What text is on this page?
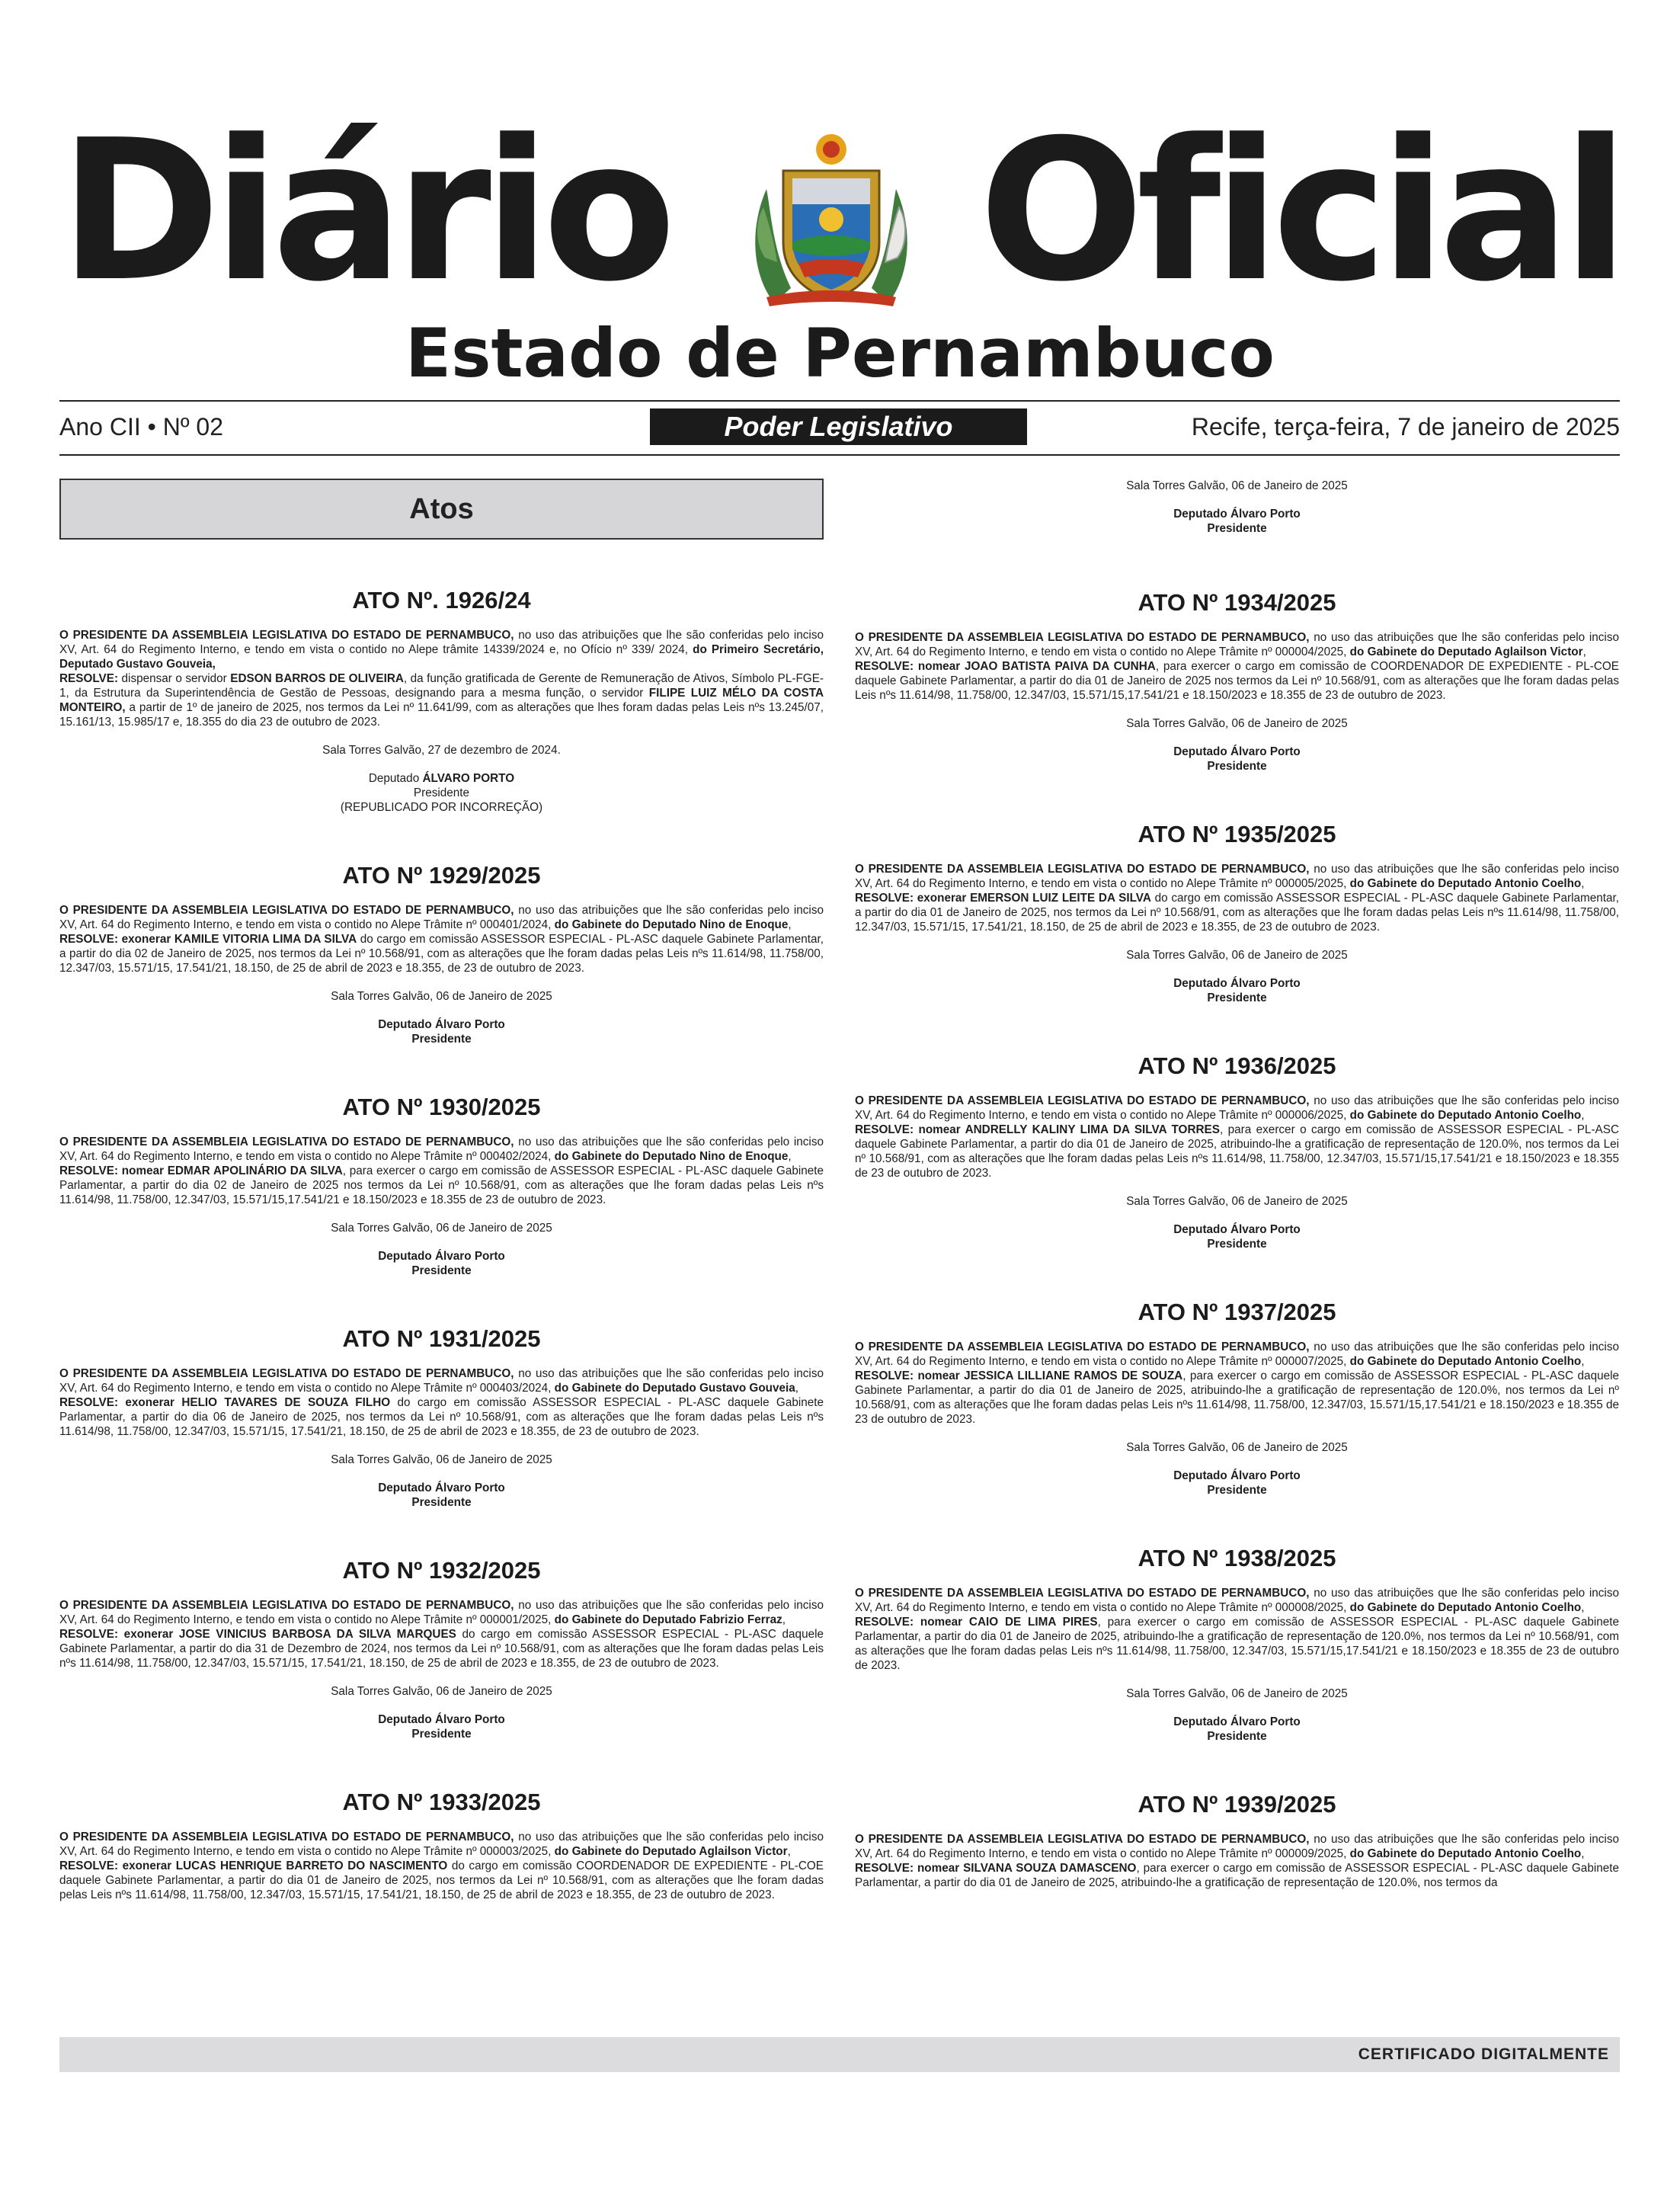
Diário Oficial
Estado de Pernambuco
Ano CII • Nº 02	Poder Legislativo	Recife, terça-feira, 7 de janeiro de 2025
Atos
ATO Nº. 1926/24

O PRESIDENTE DA ASSEMBLEIA LEGISLATIVA DO ESTADO DE PERNAMBUCO, no uso das atribuições que lhe são conferidas pelo inciso XV, Art. 64 do Regimento Interno, e tendo em vista o contido no Alepe trâmite 14339/2024 e, no Ofício nº 339/ 2024, do Primeiro Secretário, Deputado Gustavo Gouveia,
RESOLVE: dispensar o servidor EDSON BARROS DE OLIVEIRA, da função gratificada de Gerente de Remuneração de Ativos, Símbolo PL-FGE-1, da Estrutura da Superintendência de Gestão de Pessoas, designando para a mesma função, o servidor FILIPE LUIZ MÉLO DA COSTA MONTEIRO, a partir de 1º de janeiro de 2025, nos termos da Lei nº 11.641/99, com as alterações que lhes foram dadas pelas Leis nºs 13.245/07, 15.161/13, 15.985/17 e, 18.355 do dia 23 de outubro de 2023.

Sala Torres Galvão, 27 de dezembro de 2024.
Deputado ÁLVARO PORTO
Presidente
(REPUBLICADO POR INCORREÇÃO)
ATO Nº 1929/2025

O PRESIDENTE DA ASSEMBLEIA LEGISLATIVA DO ESTADO DE PERNAMBUCO, no uso das atribuições que lhe são conferidas pelo inciso XV, Art. 64 do Regimento Interno, e tendo em vista o contido no Alepe Trâmite nº 000401/2024, do Gabinete do Deputado Nino de Enoque,
RESOLVE: exonerar KAMILE VITORIA LIMA DA SILVA do cargo em comissão ASSESSOR ESPECIAL - PL-ASC daquele Gabinete Parlamentar, a partir do dia 02 de Janeiro de 2025, nos termos da Lei nº 10.568/91, com as alterações que lhe foram dadas pelas Leis nºs 11.614/98, 11.758/00, 12.347/03, 15.571/15, 17.541/21, 18.150, de 25 de abril de 2023 e 18.355, de 23 de outubro de 2023.

Sala Torres Galvão, 06 de Janeiro de 2025
Deputado Álvaro Porto
Presidente
ATO Nº 1930/2025

O PRESIDENTE DA ASSEMBLEIA LEGISLATIVA DO ESTADO DE PERNAMBUCO, no uso das atribuições que lhe são conferidas pelo inciso XV, Art. 64 do Regimento Interno, e tendo em vista o contido no Alepe Trâmite nº 000402/2024, do Gabinete do Deputado Nino de Enoque,
RESOLVE: nomear EDMAR APOLINÁRIO DA SILVA, para exercer o cargo em comissão de ASSESSOR ESPECIAL - PL-ASC daquele Gabinete Parlamentar, a partir do dia 02 de Janeiro de 2025 nos termos da Lei nº 10.568/91, com as alterações que lhe foram dadas pelas Leis nºs 11.614/98, 11.758/00, 12.347/03, 15.571/15,17.541/21 e 18.150/2023 e 18.355 de 23 de outubro de 2023.

Sala Torres Galvão, 06 de Janeiro de 2025
Deputado Álvaro Porto
Presidente
ATO Nº 1931/2025

O PRESIDENTE DA ASSEMBLEIA LEGISLATIVA DO ESTADO DE PERNAMBUCO, no uso das atribuições que lhe são conferidas pelo inciso XV, Art. 64 do Regimento Interno, e tendo em vista o contido no Alepe Trâmite nº 000403/2024, do Gabinete do Deputado Gustavo Gouveia,
RESOLVE: exonerar HELIO TAVARES DE SOUZA FILHO do cargo em comissão ASSESSOR ESPECIAL - PL-ASC daquele Gabinete Parlamentar, a partir do dia 06 de Janeiro de 2025, nos termos da Lei nº 10.568/91, com as alterações que lhe foram dadas pelas Leis nºs 11.614/98, 11.758/00, 12.347/03, 15.571/15, 17.541/21, 18.150, de 25 de abril de 2023 e 18.355, de 23 de outubro de 2023.

Sala Torres Galvão, 06 de Janeiro de 2025
Deputado Álvaro Porto
Presidente
ATO Nº 1932/2025

O PRESIDENTE DA ASSEMBLEIA LEGISLATIVA DO ESTADO DE PERNAMBUCO, no uso das atribuições que lhe são conferidas pelo inciso XV, Art. 64 do Regimento Interno, e tendo em vista o contido no Alepe Trâmite nº 000001/2025, do Gabinete do Deputado Fabrizio Ferraz,
RESOLVE: exonerar JOSE VINICIUS BARBOSA DA SILVA MARQUES do cargo em comissão ASSESSOR ESPECIAL - PL-ASC daquele Gabinete Parlamentar, a partir do dia 31 de Dezembro de 2024, nos termos da Lei nº 10.568/91, com as alterações que lhe foram dadas pelas Leis nºs 11.614/98, 11.758/00, 12.347/03, 15.571/15, 17.541/21, 18.150, de 25 de abril de 2023 e 18.355, de 23 de outubro de 2023.

Sala Torres Galvão, 06 de Janeiro de 2025
Deputado Álvaro Porto
Presidente
ATO Nº 1933/2025

O PRESIDENTE DA ASSEMBLEIA LEGISLATIVA DO ESTADO DE PERNAMBUCO, no uso das atribuições que lhe são conferidas pelo inciso XV, Art. 64 do Regimento Interno, e tendo em vista o contido no Alepe Trâmite nº 000003/2025, do Gabinete do Deputado Aglailson Victor,
RESOLVE: exonerar LUCAS HENRIQUE BARRETO DO NASCIMENTO do cargo em comissão COORDENADOR DE EXPEDIENTE - PL-COE daquele Gabinete Parlamentar, a partir do dia 01 de Janeiro de 2025, nos termos da Lei nº 10.568/91, com as alterações que lhe foram dadas pelas Leis nºs 11.614/98, 11.758/00, 12.347/03, 15.571/15, 17.541/21, 18.150, de 25 de abril de 2023 e 18.355, de 23 de outubro de 2023.

Sala Torres Galvão, 06 de Janeiro de 2025
Deputado Álvaro Porto
Presidente
ATO Nº 1934/2025

O PRESIDENTE DA ASSEMBLEIA LEGISLATIVA DO ESTADO DE PERNAMBUCO, no uso das atribuições que lhe são conferidas pelo inciso XV, Art. 64 do Regimento Interno, e tendo em vista o contido no Alepe Trâmite nº 000004/2025, do Gabinete do Deputado Aglailson Victor,
RESOLVE: nomear JOAO BATISTA PAIVA DA CUNHA, para exercer o cargo em comissão de COORDENADOR DE EXPEDIENTE - PL-COE daquele Gabinete Parlamentar, a partir do dia 01 de Janeiro de 2025 nos termos da Lei nº 10.568/91, com as alterações que lhe foram dadas pelas Leis nºs 11.614/98, 11.758/00, 12.347/03, 15.571/15,17.541/21 e 18.150/2023 e 18.355 de 23 de outubro de 2023.

Sala Torres Galvão, 06 de Janeiro de 2025
Deputado Álvaro Porto
Presidente
ATO Nº 1935/2025

O PRESIDENTE DA ASSEMBLEIA LEGISLATIVA DO ESTADO DE PERNAMBUCO, no uso das atribuições que lhe são conferidas pelo inciso XV, Art. 64 do Regimento Interno, e tendo em vista o contido no Alepe Trâmite nº 000005/2025, do Gabinete do Deputado Antonio Coelho,
RESOLVE: exonerar EMERSON LUIZ LEITE DA SILVA do cargo em comissão ASSESSOR ESPECIAL - PL-ASC daquele Gabinete Parlamentar, a partir do dia 01 de Janeiro de 2025, nos termos da Lei nº 10.568/91, com as alterações que lhe foram dadas pelas Leis nºs 11.614/98, 11.758/00, 12.347/03, 15.571/15, 17.541/21, 18.150, de 25 de abril de 2023 e 18.355, de 23 de outubro de 2023.

Sala Torres Galvão, 06 de Janeiro de 2025
Deputado Álvaro Porto
Presidente
ATO Nº 1936/2025

O PRESIDENTE DA ASSEMBLEIA LEGISLATIVA DO ESTADO DE PERNAMBUCO, no uso das atribuições que lhe são conferidas pelo inciso XV, Art. 64 do Regimento Interno, e tendo em vista o contido no Alepe Trâmite nº 000006/2025, do Gabinete do Deputado Antonio Coelho,
RESOLVE: nomear ANDRELLY KALINY LIMA DA SILVA TORRES, para exercer o cargo em comissão de ASSESSOR ESPECIAL - PL-ASC daquele Gabinete Parlamentar, a partir do dia 01 de Janeiro de 2025, atribuindo-lhe a gratificação de representação de 120.0%, nos termos da Lei nº 10.568/91, com as alterações que lhe foram dadas pelas Leis nºs 11.614/98, 11.758/00, 12.347/03, 15.571/15,17.541/21 e 18.150/2023 e 18.355 de 23 de outubro de 2023.

Sala Torres Galvão, 06 de Janeiro de 2025
Deputado Álvaro Porto
Presidente
ATO Nº 1937/2025

O PRESIDENTE DA ASSEMBLEIA LEGISLATIVA DO ESTADO DE PERNAMBUCO, no uso das atribuições que lhe são conferidas pelo inciso XV, Art. 64 do Regimento Interno, e tendo em vista o contido no Alepe Trâmite nº 000007/2025, do Gabinete do Deputado Antonio Coelho,
RESOLVE: nomear JESSICA LILLIANE RAMOS DE SOUZA, para exercer o cargo em comissão de ASSESSOR ESPECIAL - PL-ASC daquele Gabinete Parlamentar, a partir do dia 01 de Janeiro de 2025, atribuindo-lhe a gratificação de representação de 120.0%, nos termos da Lei nº 10.568/91, com as alterações que lhe foram dadas pelas Leis nºs 11.614/98, 11.758/00, 12.347/03, 15.571/15,17.541/21 e 18.150/2023 e 18.355 de 23 de outubro de 2023.

Sala Torres Galvão, 06 de Janeiro de 2025
Deputado Álvaro Porto
Presidente
ATO Nº 1938/2025

O PRESIDENTE DA ASSEMBLEIA LEGISLATIVA DO ESTADO DE PERNAMBUCO, no uso das atribuições que lhe são conferidas pelo inciso XV, Art. 64 do Regimento Interno, e tendo em vista o contido no Alepe Trâmite nº 000008/2025, do Gabinete do Deputado Antonio Coelho,
RESOLVE: nomear CAIO DE LIMA PIRES, para exercer o cargo em comissão de ASSESSOR ESPECIAL - PL-ASC daquele Gabinete Parlamentar, a partir do dia 01 de Janeiro de 2025, atribuindo-lhe a gratificação de representação de 120.0%, nos termos da Lei nº 10.568/91, com as alterações que lhe foram dadas pelas Leis nºs 11.614/98, 11.758/00, 12.347/03, 15.571/15,17.541/21 e 18.150/2023 e 18.355 de 23 de outubro de 2023.

Sala Torres Galvão, 06 de Janeiro de 2025
Deputado Álvaro Porto
Presidente
ATO Nº 1939/2025

O PRESIDENTE DA ASSEMBLEIA LEGISLATIVA DO ESTADO DE PERNAMBUCO, no uso das atribuições que lhe são conferidas pelo inciso XV, Art. 64 do Regimento Interno, e tendo em vista o contido no Alepe Trâmite nº 000009/2025, do Gabinete do Deputado Antonio Coelho,
RESOLVE: nomear SILVANA SOUZA DAMASCENO, para exercer o cargo em comissão de ASSESSOR ESPECIAL - PL-ASC daquele Gabinete Parlamentar, a partir do dia 01 de Janeiro de 2025, atribuindo-lhe a gratificação de representação de 120.0%, nos termos da

CERTIFICADO DIGITALMENTE
